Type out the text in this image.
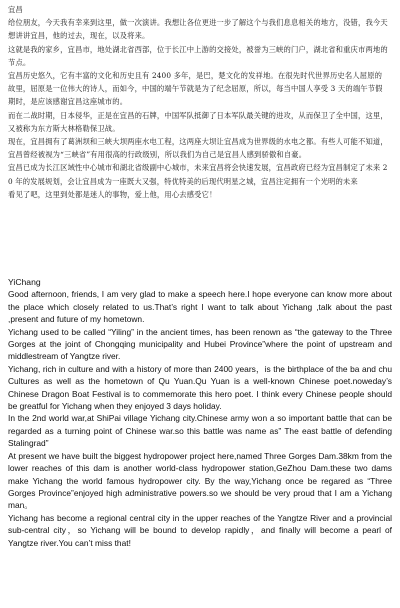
宜昌

给位朋友，今天我有幸来到这里，做一次演讲。我想让各位更进一步了解这个与我们息息相关的地方，没错，我今天想讲讲宜昌，他的过去，现在，以及将来。

这就是我的家乡，宜昌市，地处湖北省西部，位于长江中上游的交接处，被誉为三峡的门户，湖北省和重庆市两地的节点。

宜昌历史悠久，它有丰富的文化和历史且有 2400 多年，是巴，楚文化的发祥地。在很先时代世界历史名人屈原的故里，屈原是一位伟大的诗人，而如今，中国的端午节就是为了纪念屈原，所以，每当中国人享受 3 天的端午节假期时，是应该感谢宜昌这座城市的。

而在二战时期，日本侵华，正是在宜昌的石牌，中国军队抵御了日本军队最关键的进攻，从而保卫了全中国，这里，又被称为东方斯大林格勒保卫战。

现在，宜昌拥有了葛洲坝和三峡大坝两座水电工程，这两座大坝让宜昌成为世界级的水电之都。有些人可能不知道，宜昌曾经被视为“三峡省”有用很高的行政级别，所以我们为自己是宜昌人感到骄傲和自豪。

宜昌已成为长江区域性中心城市和湖北省级副中心城市，未来宜昌将会快速发展，宜昌政府已经为宜昌制定了未来 20 年的发展规划，会让宜昌成为一座既大又强，特优特美的后现代明星之城，宜昌注定拥有一个光明的未来

看见了吧，这里到处都是迷人的事物，爱上他，用心去感受它！

YiChang

Good afternoon, friends, I am very glad to make a speech here.I hope everyone can know more about the place which closely related to us.That’s right I want to talk about Yichang ,talk about the past ,present and future of my hometown.

Yichang used to be called “Yiling” in the ancient times, has been renown as “the gateway to the Three Gorges at the joint of Chongqing municipality and Hubei Province”where the point of upstream and middlestream of Yangtze river.

Yichang, rich in culture and with a history of more than 2400 years，is the birthplace of the ba and chu Cultures as well as the hometown of Qu Yuan.Qu Yuan is a well-known Chinese poet.noweday’s Chinese Dragon Boat Festival is to commemorate this hero poet. I think every Chinese people should be greatful for Yichang when they enjoyed 3 days holiday.

In the 2nd world war,at ShiPai village Yichang city.Chinese army won a so important battle that can be regarded as a turning point of Chinese war.so this battle was name as” The east battle of defending Stalingrad”

At present we have built the biggest hydropower project here,named Three Gorges Dam.38km from the lower reaches of this dam is another world-class hydropower station,GeZhou Dam.these two dams make Yichang the world famous hydropower city. By the way,Yichang once be regared as “Three Gorges Province”enjoyed high administrative powers.so we should be very proud that I am a Yichang man。

Yichang has become a regional central city in the upper reaches of the Yangtze River and a provincial sub-central city，so Yichang will be bound to develop rapidly，and finally will become a pearl of Yangtze river.You can’t miss that!
